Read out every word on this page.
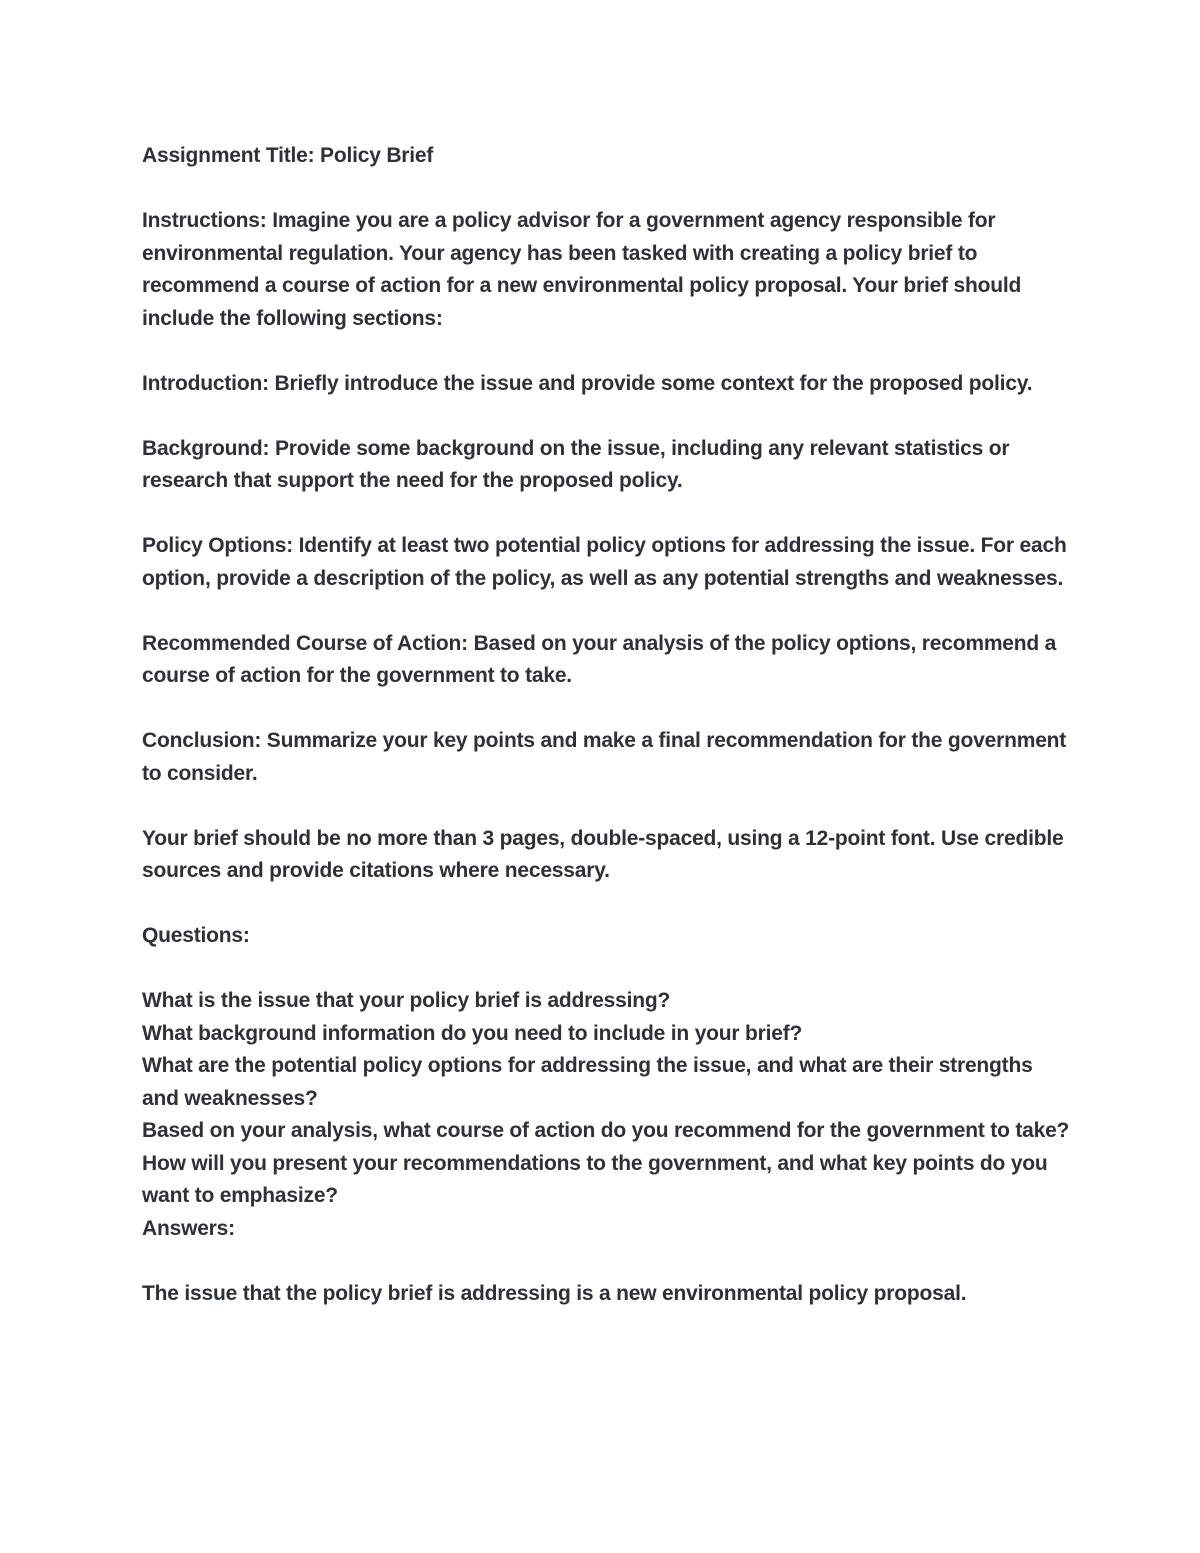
Assignment Title: Policy Brief

Instructions: Imagine you are a policy advisor for a government agency responsible for environmental regulation. Your agency has been tasked with creating a policy brief to recommend a course of action for a new environmental policy proposal. Your brief should include the following sections:

Introduction: Briefly introduce the issue and provide some context for the proposed policy.

Background: Provide some background on the issue, including any relevant statistics or research that support the need for the proposed policy.

Policy Options: Identify at least two potential policy options for addressing the issue. For each option, provide a description of the policy, as well as any potential strengths and weaknesses.

Recommended Course of Action: Based on your analysis of the policy options, recommend a course of action for the government to take.

Conclusion: Summarize your key points and make a final recommendation for the government to consider.

Your brief should be no more than 3 pages, double-spaced, using a 12-point font. Use credible sources and provide citations where necessary.

Questions:

What is the issue that your policy brief is addressing?

What background information do you need to include in your brief?

What are the potential policy options for addressing the issue, and what are their strengths and weaknesses?

Based on your analysis, what course of action do you recommend for the government to take?

How will you present your recommendations to the government, and what key points do you want to emphasize?

Answers:

The issue that the policy brief is addressing is a new environmental policy proposal.
